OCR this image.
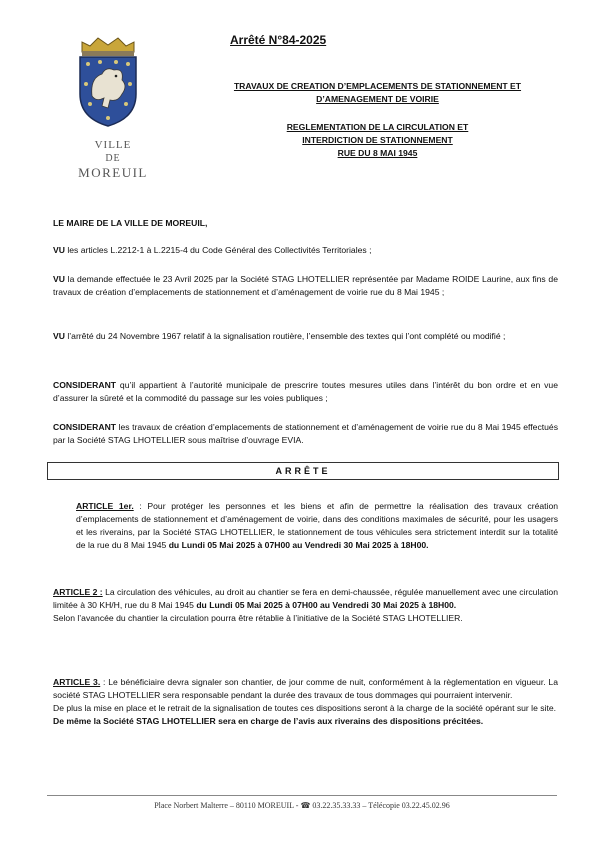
VILLE
DE
MOREUIL
Arrêté N°84-2025
TRAVAUX DE CREATION D’EMPLACEMENTS DE STATIONNEMENT ET
D’AMENAGEMENT DE VOIRIE
REGLEMENTATION DE LA CIRCULATION ET
INTERDICTION DE STATIONNEMENT
RUE DU 8 MAI 1945
LE MAIRE DE LA VILLE DE MOREUIL,
VU les articles L.2212-1 à L.2215-4 du Code Général des Collectivités Territoriales ;
VU la demande effectuée le 23 Avril 2025 par la Société STAG LHOTELLIER représentée par Madame ROIDE Laurine, aux fins de travaux de création d’emplacements de stationnement et d’aménagement de voirie rue du 8 Mai 1945 ;
VU l’arrêté du 24 Novembre 1967 relatif à la signalisation routière, l’ensemble des textes qui l’ont complété ou modifié ;
CONSIDERANT qu’il appartient à l’autorité municipale de prescrire toutes mesures utiles dans l’intérêt du bon ordre et en vue d’assurer la sûreté et la commodité du passage sur les voies publiques ;
CONSIDERANT les travaux de création d’emplacements de stationnement et d’aménagement de voirie rue du 8 Mai 1945 effectués par la Société STAG LHOTELLIER sous maîtrise d’ouvrage EVIA.
ARRÊTE
ARTICLE 1er. : Pour protéger les personnes et les biens et afin de permettre la réalisation des travaux création d’emplacements de stationnement et d’aménagement de voirie, dans des conditions maximales de sécurité, pour les usagers et les riverains, par la Société STAG LHOTELLIER, le stationnement de tous véhicules sera strictement interdit sur la totalité de la rue du 8 Mai 1945 du Lundi 05 Mai 2025 à 07H00 au Vendredi 30 Mai 2025 à 18H00.
ARTICLE 2 : La circulation des véhicules, au droit au chantier se fera en demi-chaussée, régulée manuellement avec une circulation limitée à 30 KH/H, rue du 8 Mai 1945 du Lundi 05 Mai 2025 à 07H00 au Vendredi 30 Mai 2025 à 18H00.
Selon l’avancée du chantier la circulation pourra être rétablie à l’initiative de la Société STAG LHOTELLIER.
ARTICLE 3. : Le bénéficiaire devra signaler son chantier, de jour comme de nuit, conformément à la règlementation en vigueur. La société STAG LHOTELLIER sera responsable pendant la durée des travaux de tous dommages qui pourraient intervenir.
De plus la mise en place et le retrait de la signalisation de toutes ces dispositions seront à la charge de la société opérant sur le site.
De même la Société STAG LHOTELLIER sera en charge de l’avis aux riverains des dispositions précitées.
Place Norbert Malterre – 80110 MOREUIL - ☎ 03.22.35.33.33 – Télécopie 03.22.45.02.96
